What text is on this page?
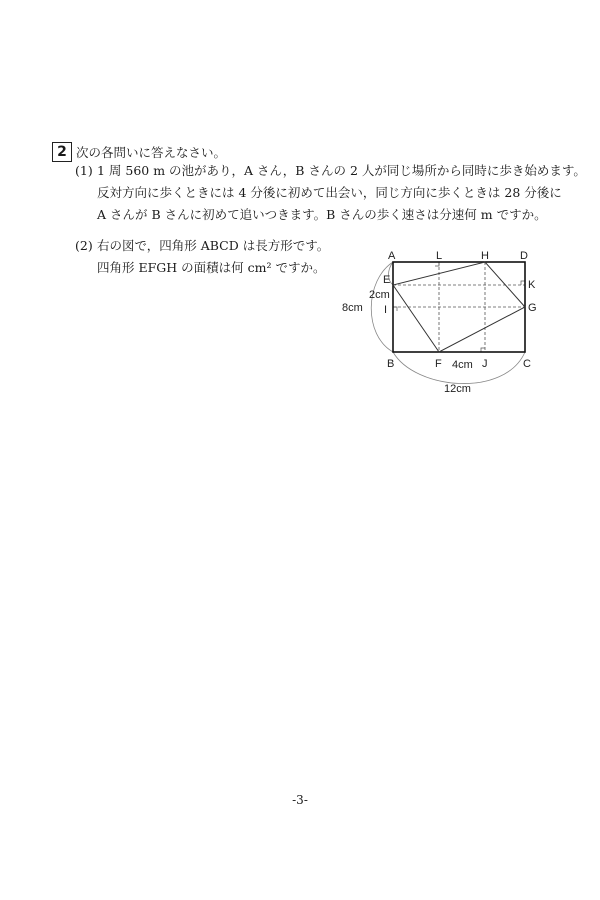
2 次の各問いに答えなさい。
(1) 1 周 560 m の池があり，A さん，B さんの 2 人が同じ場所から同時に歩き始めます。
反対方向に歩くときには 4 分後に初めて出会い，同じ方向に歩くときは 28 分後に
A さんが B さんに初めて追いつきます。B さんの歩く速さは分速何 m ですか。
(2) 右の図で，四角形 ABCD は長方形です。
四角形 EFGH の面積は何 cm² ですか。
A	L	H	D
E	K
I	G
B	F	J	C
8cm
2cm
4cm
12cm
-3-
